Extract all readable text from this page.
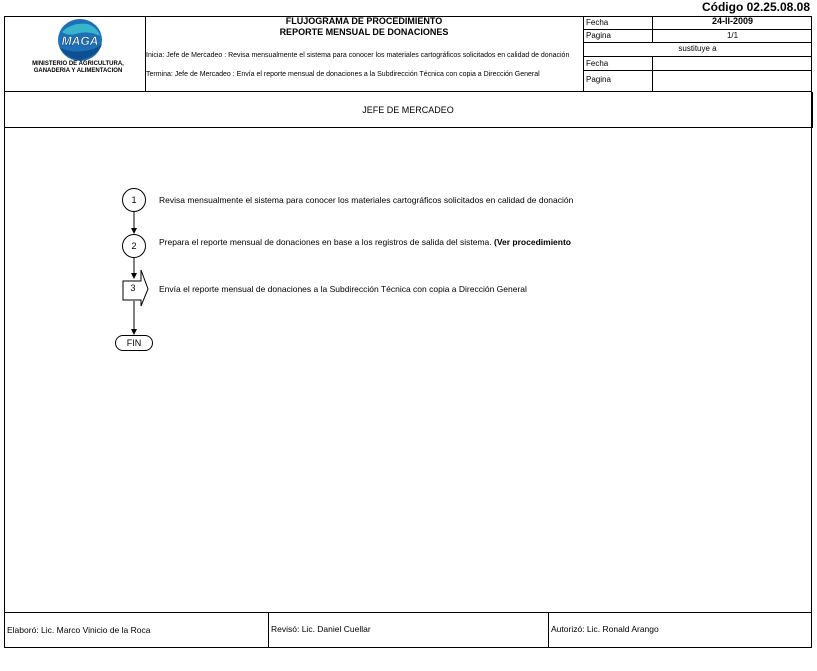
Código 02.25.08.08
MAGA
MINISTERIO DE AGRICULTURA,
GANADERIA Y ALIMENTACION
FLUJOGRAMA DE PROCEDIMIENTO
REPORTE MENSUAL DE DONACIONES
Inicia: Jefe de Mercadeo : Revisa mensualmente el sistema para conocer los materiales cartográficos solicitados en calidad de donación
Termina: Jefe de Mercadeo : Envía el reporte mensual de donaciones a la Subdirección Técnica con copia a Dirección General
Fecha	24-II-2009
Pagina	1/1
sustituye a
Fecha
Pagina
JEFE DE MERCADEO
1	Revisa mensualmente el sistema para conocer los materiales cartográficos solicitados en calidad de donación
2	Prepara el reporte mensual de donaciones en base a los registros de salida del sistema. (Ver procedimiento
3	Envía el reporte mensual de donaciones a la Subdirección Técnica con copia a Dirección General
FIN
Elaboró: Lic. Marco Vinicio de la Roca	Revisó: Lic. Daniel Cuellar	Autorizó: Lic. Ronald Arango
